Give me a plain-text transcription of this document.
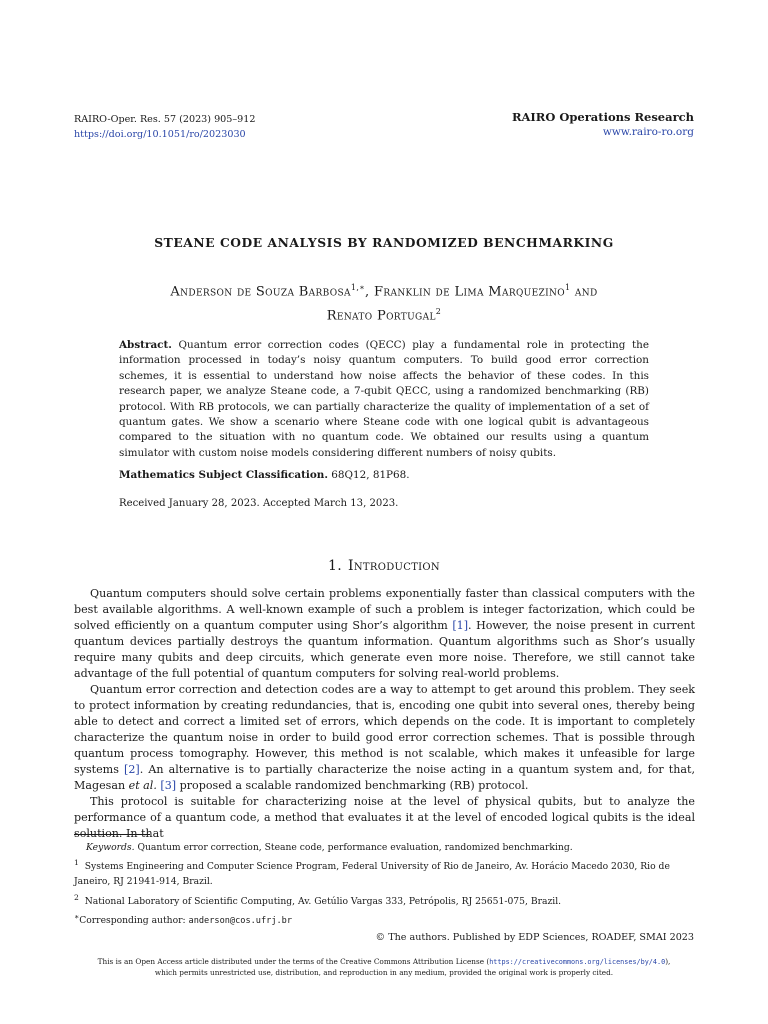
RAIRO-Oper. Res. 57 (2023) 905–912
https://doi.org/10.1051/ro/2023030
RAIRO Operations Research
www.rairo-ro.org
STEANE CODE ANALYSIS BY RANDOMIZED BENCHMARKING
Anderson de Souza Barbosa$^{1,∗}$, Franklin de Lima Marquezino$^1$ and
Renato Portugal$^2$
Abstract. Quantum error correction codes (QECC) play a fundamental role in protecting the information processed in today’s noisy quantum computers. To build good error correction schemes, it is essential to understand how noise affects the behavior of these codes. In this research paper, we analyze Steane code, a 7-qubit QECC, using a randomized benchmarking (RB) protocol. With RB protocols, we can partially characterize the quality of implementation of a set of quantum gates. We show a scenario where Steane code with one logical qubit is advantageous compared to the situation with no quantum code. We obtained our results using a quantum simulator with custom noise models considering different numbers of noisy qubits.
Mathematics Subject Classification. 68Q12, 81P68.
Received January 28, 2023. Accepted March 13, 2023.
1. Introduction

Quantum computers should solve certain problems exponentially faster than classical computers with the best available algorithms. A well-known example of such a problem is integer factorization, which could be solved efficiently on a quantum computer using Shor’s algorithm [1]. However, the noise present in current quantum devices partially destroys the quantum information. Quantum algorithms such as Shor’s usually require many qubits and deep circuits, which generate even more noise. Therefore, we still cannot take advantage of the full potential of quantum computers for solving real-world problems.

Quantum error correction and detection codes are a way to attempt to get around this problem. They seek to protect information by creating redundancies, that is, encoding one qubit into several ones, thereby being able to detect and correct a limited set of errors, which depends on the code. It is important to completely characterize the quantum noise in order to build good error correction schemes. That is possible through quantum process tomography. However, this method is not scalable, which makes it unfeasible for large systems [2]. An alternative is to partially characterize the noise acting in a quantum system and, for that, Magesan et al. [3] proposed a scalable randomized benchmarking (RB) protocol.

This protocol is suitable for characterizing noise at the level of physical qubits, but to analyze the performance of a quantum code, a method that evaluates it at the level of encoded logical qubits is the ideal solution. In that

Keywords. Quantum error correction, Steane code, performance evaluation, randomized benchmarking.

$^1$ Systems Engineering and Computer Science Program, Federal University of Rio de Janeiro, Av. Horácio Macedo 2030, Rio de Janeiro, RJ 21941-914, Brazil.

$^2$ National Laboratory of Scientific Computing, Av. Getúlio Vargas 333, Petrópolis, RJ 25651-075, Brazil.

∗Corresponding author: anderson@cos.ufrj.br

© The authors. Published by EDP Sciences, ROADEF, SMAI 2023
This is an Open Access article distributed under the terms of the Creative Commons Attribution License (https://creativecommons.org/licenses/by/4.0),
which permits unrestricted use, distribution, and reproduction in any medium, provided the original work is properly cited.
